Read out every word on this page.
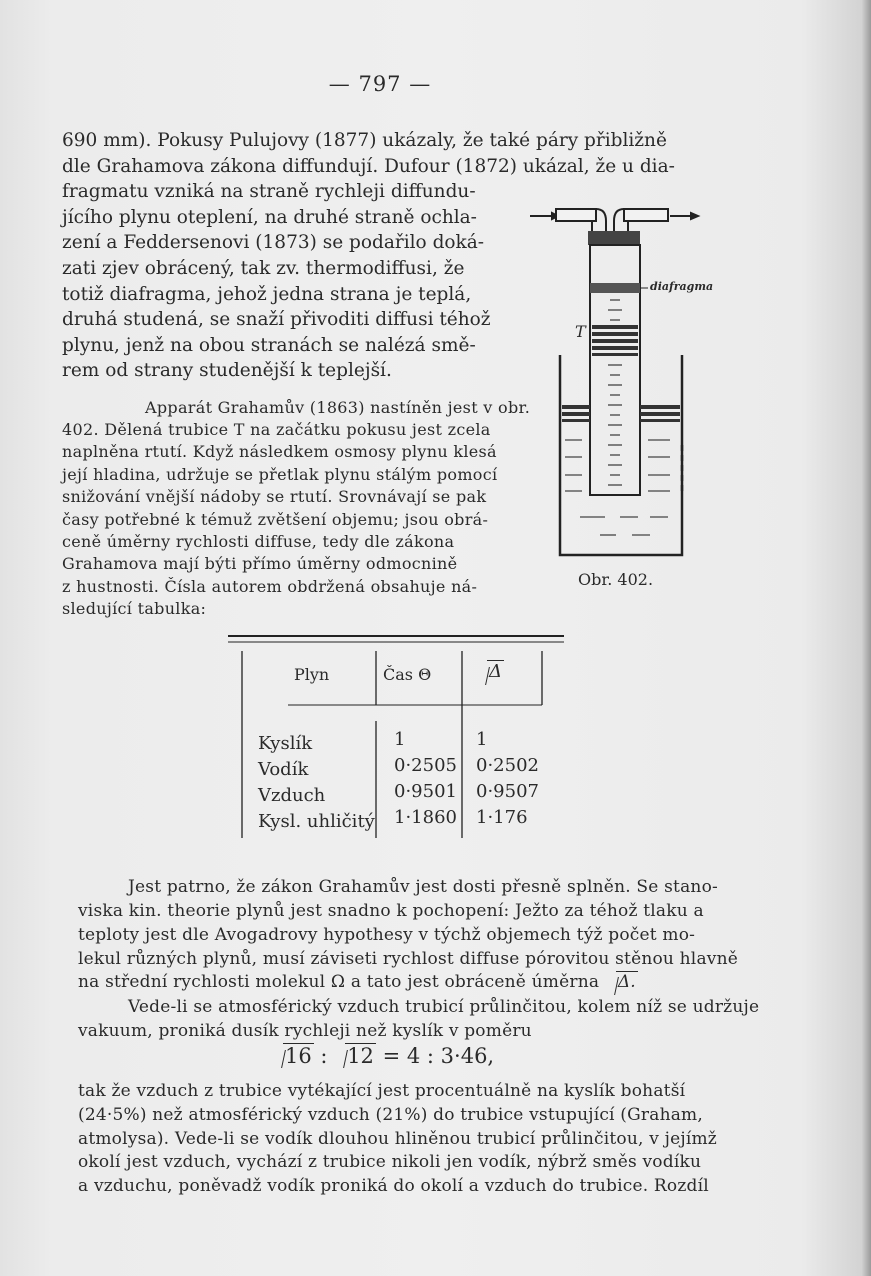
— 797 —
690 mm). Pokusy Pulujovy (1877) ukázaly, že také páry přibližně
dle Grahamova zákona diffundují. Dufour (1872) ukázal, že u dia-
fragmatu vzniká na straně rychleji diffundu-
jícího plynu oteplení, na druhé straně ochla-
zení a Feddersenovi (1873) se podařilo doká-
zati zjev obrácený, tak zv. thermodiffusi, že
totiž diafragma, jehož jedna strana je teplá,
druhá studená, se snaží přivoditi diffusi téhož
plynu, jenž na obou stranách se nalézá smě-
rem od strany studenější k teplejší.
Apparát Grahamův (1863) nastíněn jest v obr.
402. Dělená trubice T na začátku pokusu jest zcela
naplněna rtutí. Když následkem osmosy plynu klesá
její hladina, udržuje se přetlak plynu stálým pomocí
snižování vnější nádoby se rtutí. Srovnávají se pak
časy potřebné k témuž zvětšení objemu; jsou obrá-
ceně úměrny rychlosti diffuse, tedy dle zákona
Grahamova mají býti přímo úměrny odmocnině
z hustnosti. Čísla autorem obdržená obsahuje ná-
sledující tabulka:
diafragma
T
Obr. 402.
Plyn	Čas Θ	Δ
Kyslík	1	1
Vodík	0·2505 0·2502
Vzduch	0·9501 0·9507
Kysl. uhličitý 1·1860 1·176
Jest patrno, že zákon Grahamův jest dosti přesně splněn. Se stano-
viska kin. theorie plynů jest snadno k pochopení: Ježto za téhož tlaku a
teploty jest dle Avogadrovy hypothesy v týchž objemech týž počet mo-
lekul různých plynů, musí záviseti rychlost diffuse pórovitou stěnou hlavně
na střední rychlosti molekul Ω a tato jest obráceně úměrna Δ.
Vede-li se atmosférický vzduch trubicí průlinčitou, kolem níž se udržuje
vakuum, proniká dusík rychleji než kyslík v poměru
16 : 12 = 4 : 3·46,
tak že vzduch z trubice vytékající jest procentuálně na kyslík bohatší
(24·5%) než atmosférický vzduch (21%) do trubice vstupující (Graham,
atmolysa). Vede-li se vodík dlouhou hliněnou trubicí průlinčitou, v jejímž
okolí jest vzduch, vychází z trubice nikoli jen vodík, nýbrž směs vodíku
a vzduchu, poněvadž vodík proniká do okolí a vzduch do trubice. Rozdíl
